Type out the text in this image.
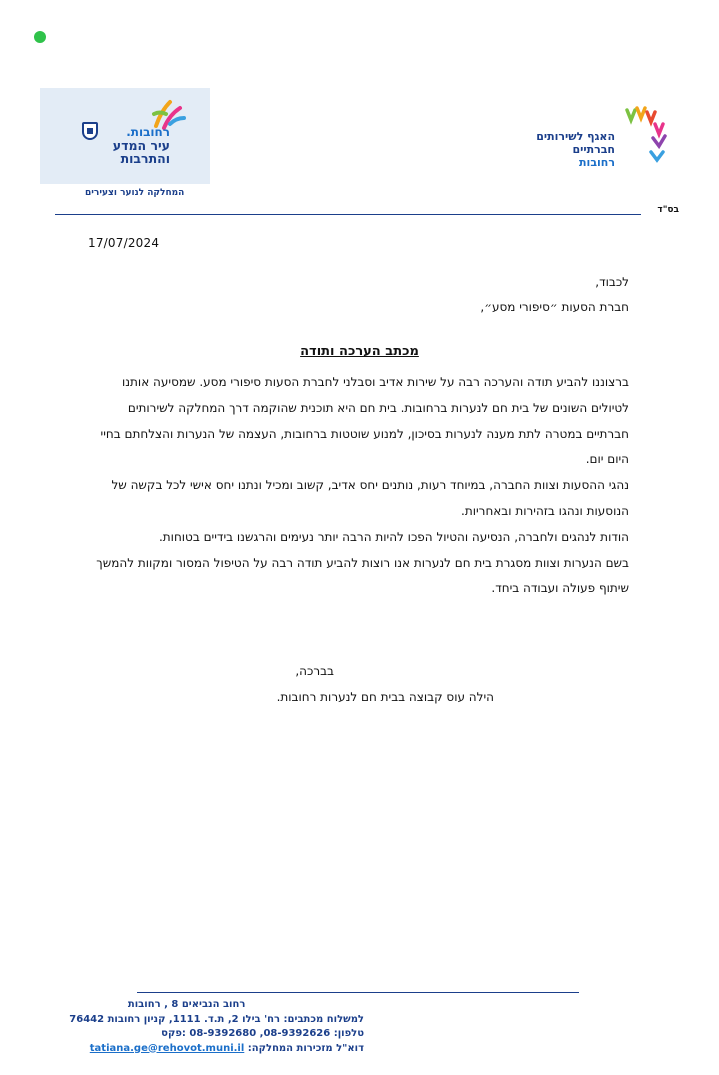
רחובות.
עיר המדע
והתרבות
המחלקה לנוער וצעירים
האגף לשירותים
חברתיים
רחובות
בס"ד
17/07/2024
לכבוד,
חברת הסעות ״סיפורי מסע״,
מכתב הערכה ותודה

ברצוננו להביע תודה והערכה רבה על שירות אדיב וסבלני לחברת הסעות סיפורי מסע. שמסיעה אותנו לטיולים השונים של בית חם לנערות ברחובות. בית חם היא תוכנית שהוקמה דרך המחלקה לשירותים חברתיים במטרה לתת מענה לנערות בסיכון, למנוע שוטטות ברחובות, העצמה של הנערות והצלחתם בחיי היום יום.

נהגי ההסעות וצוות החברה, במיוחד רעות, נותנים יחס אדיב, קשוב ומכיל ונתנו יחס אישי לכל בקשה של הנוסעות ונהגו בזהירות ובאחריות.

הודות לנהגים ולחברה, הנסיעה והטיול הפכו להיות הרבה יותר נעימים והרגשנו בידיים בטוחות.

בשם הנערות וצוות מסגרת בית חם לנערות אנו רוצות להביע תודה רבה על הטיפול המסור ומקוות להמשך שיתוף פעולה ועבודה ביחד.

בברכה,
הילה עוס קבוצה בבית חם לנערות רחובות.
רחוב הנביאים 8 , רחובות
למשלוח מכתבים: רח' בילו 2, ת.ד. 1111, קניון רחובות 76442
טלפון: 08-9392626, 08-9392680 :פקס
דוא"ל מזכירות המחלקה: tatiana.ge@rehovot.muni.il
